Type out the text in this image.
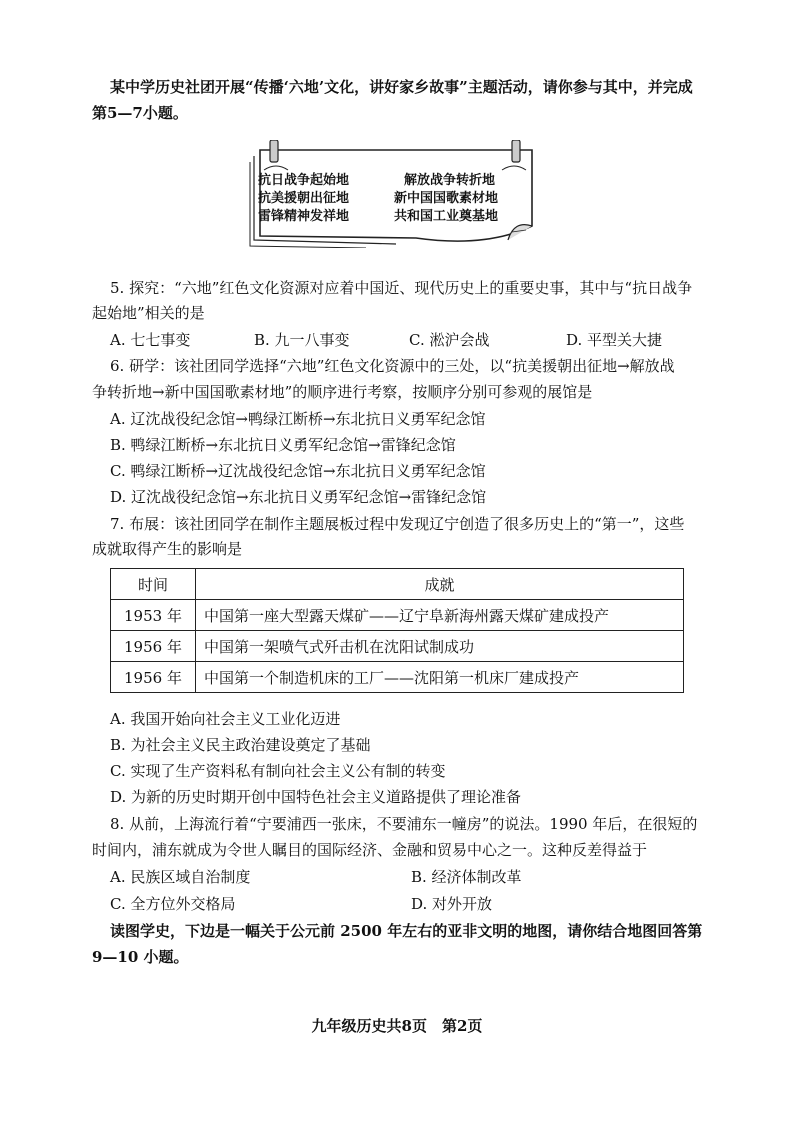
某中学历史社团开展“传播‘六地’文化，讲好家乡故事”主题活动，请你参与其中，并完成
第5—7小题。
抗日战争起始地
抗美援朝出征地
雷锋精神发祥地
解放战争转折地
新中国国歌素材地
共和国工业奠基地
5. 探究：“六地”红色文化资源对应着中国近、现代历史上的重要史事，其中与“抗日战争
起始地”相关的是
A. 七七事变	B. 九一八事变	C. 淞沪会战	D. 平型关大捷
6. 研学：该社团同学选择“六地”红色文化资源中的三处，以“抗美援朝出征地→解放战
争转折地→新中国国歌素材地”的顺序进行考察，按顺序分别可参观的展馆是
A. 辽沈战役纪念馆→鸭绿江断桥→东北抗日义勇军纪念馆
B. 鸭绿江断桥→东北抗日义勇军纪念馆→雷锋纪念馆
C. 鸭绿江断桥→辽沈战役纪念馆→东北抗日义勇军纪念馆
D. 辽沈战役纪念馆→东北抗日义勇军纪念馆→雷锋纪念馆
7. 布展：该社团同学在制作主题展板过程中发现辽宁创造了很多历史上的“第一”，这些
成就取得产生的影响是
时间	成就
1953 年	中国第一座大型露天煤矿——辽宁阜新海州露天煤矿建成投产
1956 年	中国第一架喷气式歼击机在沈阳试制成功
1956 年	中国第一个制造机床的工厂——沈阳第一机床厂建成投产
A. 我国开始向社会主义工业化迈进
B. 为社会主义民主政治建设奠定了基础
C. 实现了生产资料私有制向社会主义公有制的转变
D. 为新的历史时期开创中国特色社会主义道路提供了理论准备
8. 从前，上海流行着“宁要浦西一张床，不要浦东一幢房”的说法。1990 年后，在很短的
时间内，浦东就成为令世人瞩目的国际经济、金融和贸易中心之一。这种反差得益于
A. 民族区域自治制度	B. 经济体制改革
C. 全方位外交格局	D. 对外开放
读图学史，下边是一幅关于公元前 2500 年左右的亚非文明的地图，请你结合地图回答第
9—10 小题。
九年级历史共8页　第2页
